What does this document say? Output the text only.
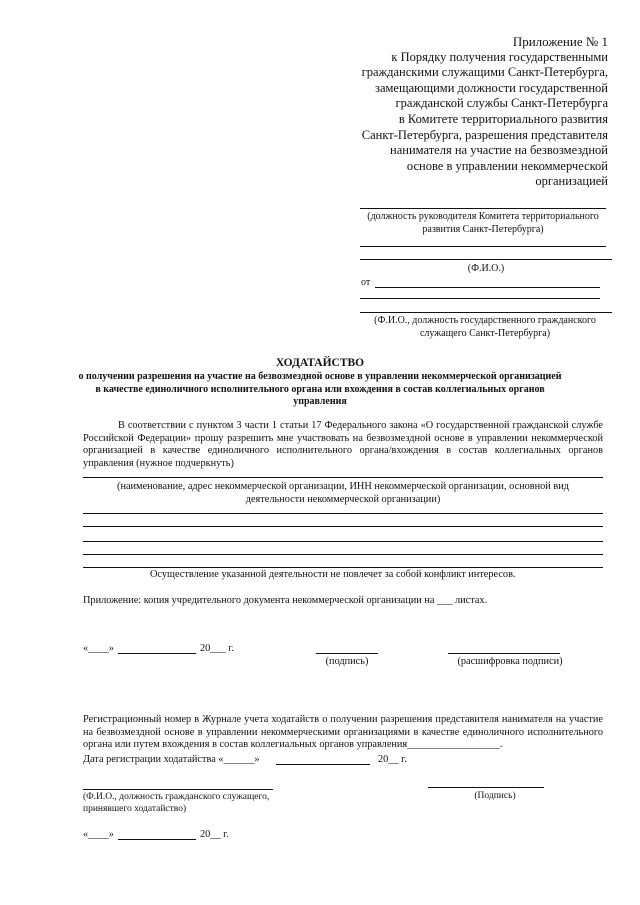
Приложение № 1
к Порядку получения государственными
гражданскими служащими Санкт-Петербурга,
замещающими должности государственной
гражданской службы Санкт-Петербурга
в Комитете территориального развития
Санкт-Петербурга, разрешения представителя
нанимателя на участие на безвозмездной
основе в управлении некоммерческой
организацией
(должность руководителя Комитета территориального
развития Санкт-Петербурга)
(Ф.И.О.)
от
(Ф.И.О., должность государственного гражданского
служащего Санкт-Петербурга)
ХОДАТАЙСТВО
о получении разрешения на участие на безвозмездной основе в управлении некоммерческой организацией
в качестве единоличного исполнительного органа или вхождения в состав коллегиальных органов
управления
В соответствии с пунктом 3 части 1 статьи 17 Федерального закона «О государственной гражданской службе Российской Федерации» прошу разрешить мне участвовать на безвозмездной основе в управлении некоммерческой организацией в качестве единоличного исполнительного органа/вхождения в состав коллегиальных органов управления (нужное подчеркнуть)
(наименование, адрес некоммерческой организации, ИНН некоммерческой организации, основной вид
деятельности некоммерческой организации)
Осуществление указанной деятельности не повлечет за собой конфликт интересов.
Приложение: копия учредительного документа некоммерческой организации на ___ листах.
«____»	20___ г.
(подпись)	(расшифровка подписи)
Регистрационный номер в Журнале учета ходатайств о получении разрешения представителя нанимателя на участие на безвозмездной основе в управлении некоммерческими организациями в качестве единоличного исполнительного органа или путем вхождения в состав коллегиальных органов управления__________________.
Дата регистрации ходатайства «______»	20__ г.
(Ф.И.О., должность гражданского служащего,
принявшего ходатайство)
(Подпись)
«____»	20__ г.
